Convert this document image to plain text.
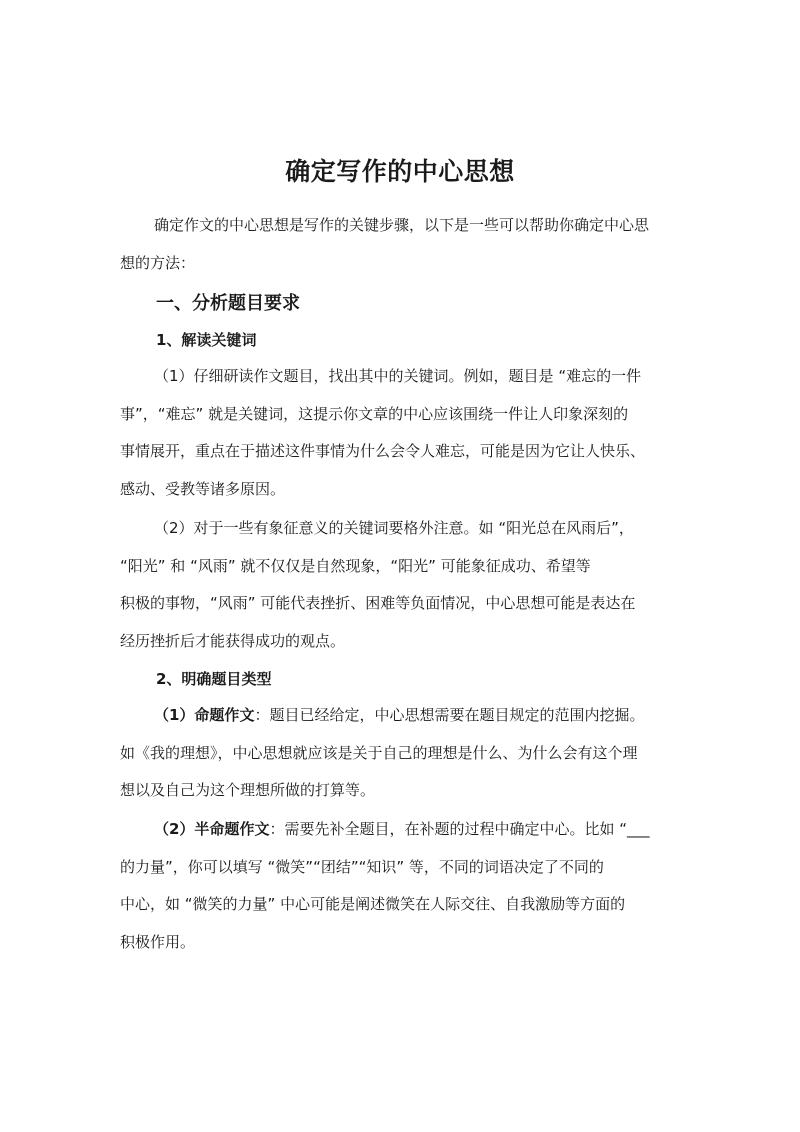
确定写作的中心思想

确定作文的中心思想是写作的关键步骤，以下是一些可以帮助你确定中心思
想的方法：

一、分析题目要求
1、解读关键词

（1）仔细研读作文题目，找出其中的关键词。例如，题目是 “难忘的一件
事”，“难忘” 就是关键词，这提示你文章的中心应该围绕一件让人印象深刻的
事情展开，重点在于描述这件事情为什么会令人难忘，可能是因为它让人快乐、
感动、受教等诸多原因。

（2）对于一些有象征意义的关键词要格外注意。如 “阳光总在风雨后”，
“阳光” 和 “风雨” 就不仅仅是自然现象，“阳光” 可能象征成功、希望等
积极的事物，“风雨” 可能代表挫折、困难等负面情况，中心思想可能是表达在
经历挫折后才能获得成功的观点。

2、明确题目类型

（1）命题作文：题目已经给定，中心思想需要在题目规定的范围内挖掘。
如《我的理想》，中心思想就应该是关于自己的理想是什么、为什么会有这个理
想以及自己为这个理想所做的打算等。

（2）半命题作文：需要先补全题目，在补题的过程中确定中心。比如 “___
的力量”，你可以填写 “微笑”“团结”“知识” 等，不同的词语决定了不同的
中心，如 “微笑的力量” 中心可能是阐述微笑在人际交往、自我激励等方面的
积极作用。
